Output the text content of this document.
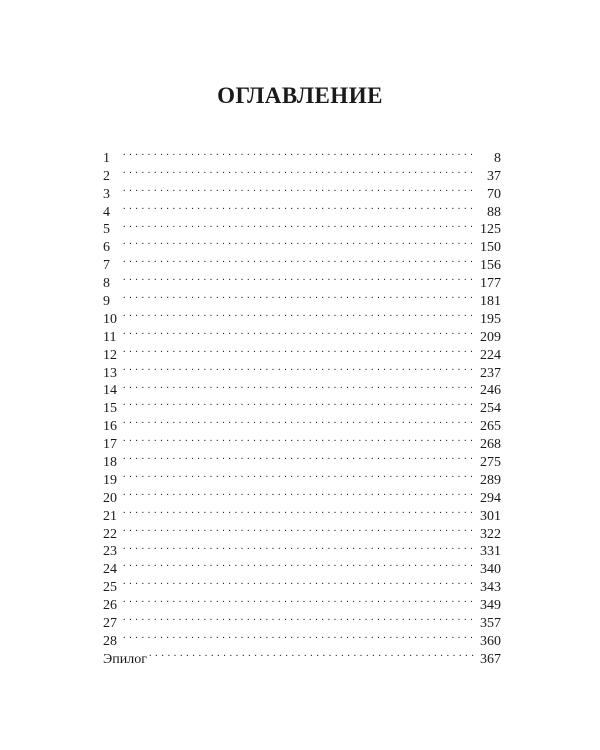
ОГЛАВЛЕНИЕ
1 . . .	8
2 . . .	37
3 . . .	70
4 . . .	88
5 . . .	125
6 . . .	150
7 . . .	156
8 . . .	177
9 . . .	181
10 . . .	195
11 . . .	209
12 . . .	224
13 . . .	237
14 . . .	246
15 . . .	254
16 . . .	265
17 . . .	268
18 . . .	275
19 . . .	289
20 . . .	294
21 . . .	301
22 . . .	322
23 . . .	331
24 . . .	340
25 . . .	343
26 . . .	349
27 . . .	357
28 . . .	360
Эпилог . . .	367
